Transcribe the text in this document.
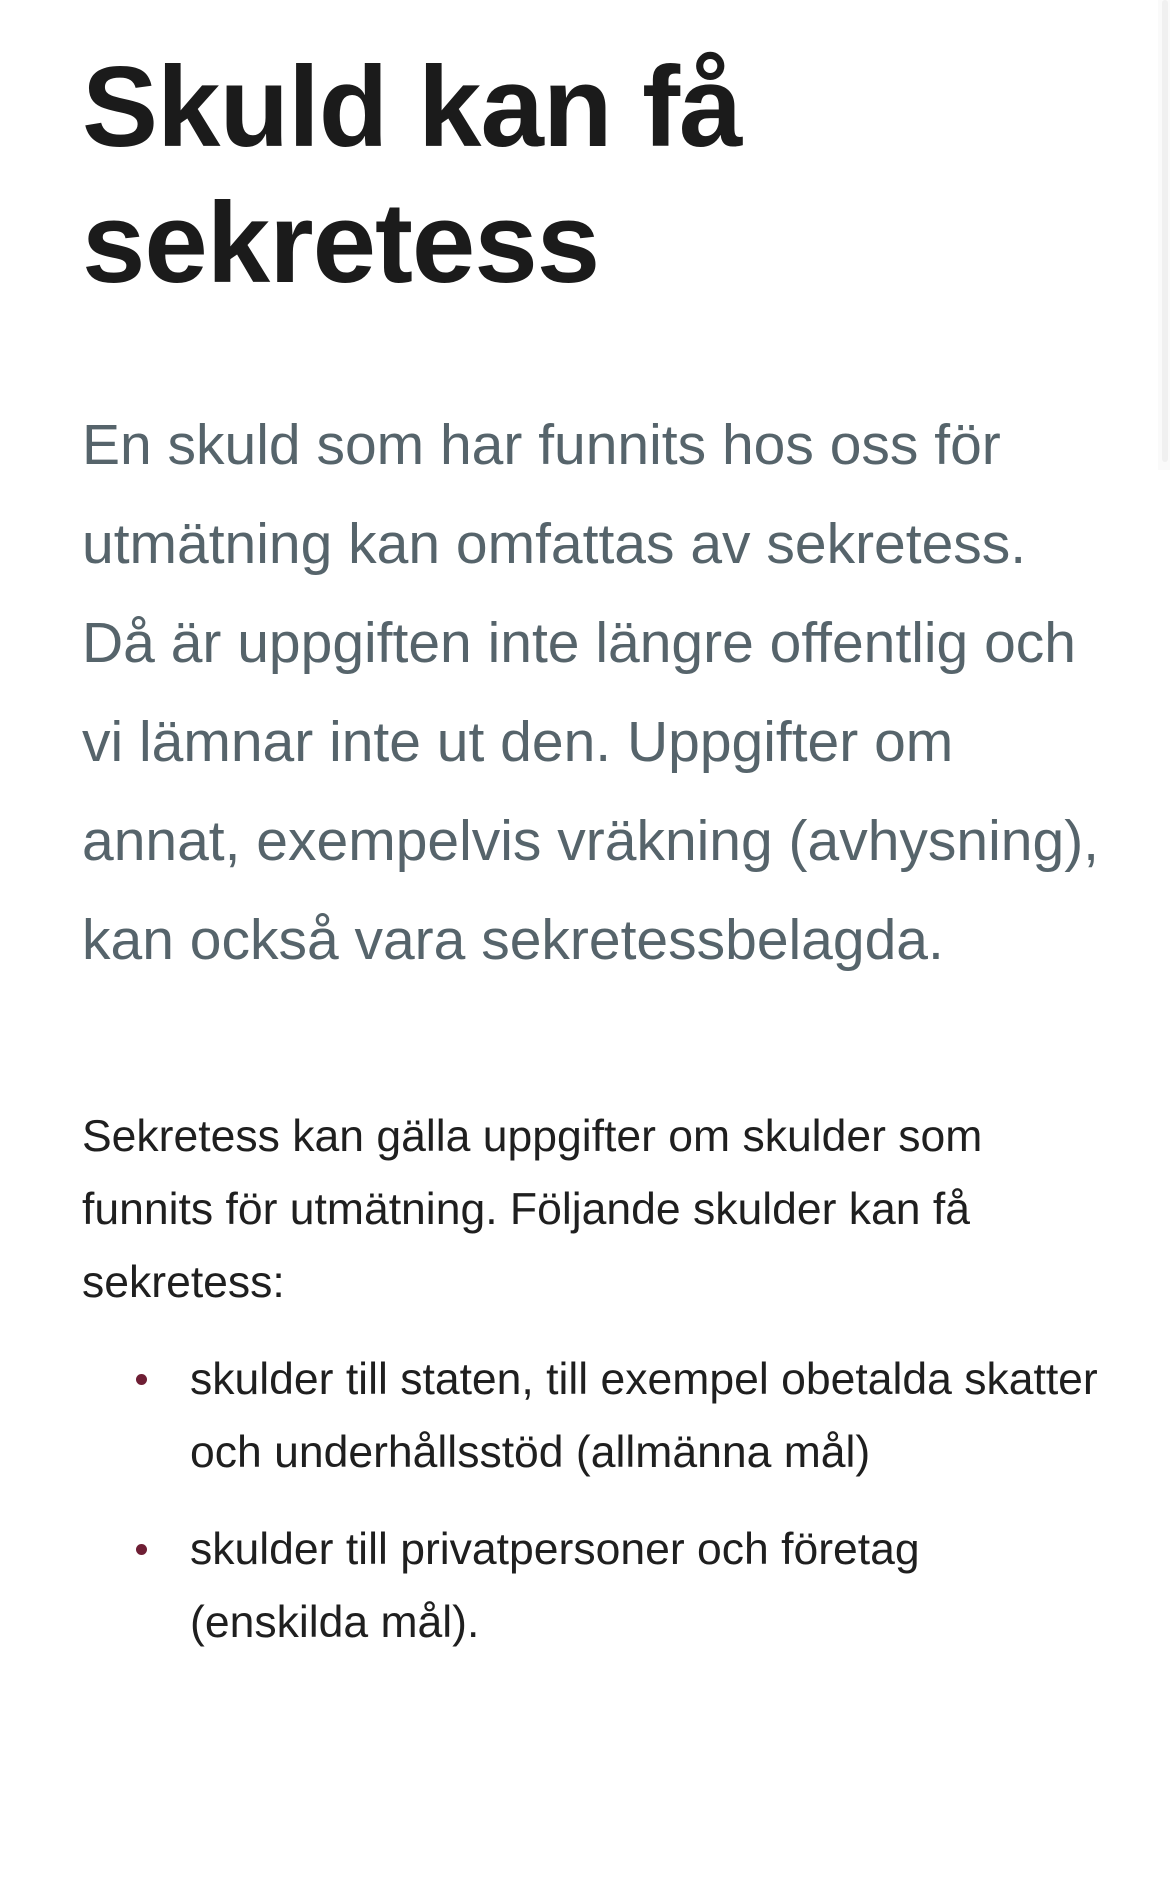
Skuld kan få sekretess

En skuld som har funnits hos oss för utmätning kan omfattas av sekretess. Då är uppgiften inte längre offentlig och vi lämnar inte ut den. Uppgifter om annat, exempelvis vräkning (avhysning), kan också vara sekretessbelagda.

Sekretess kan gälla uppgifter om skulder som funnits för utmätning. Följande skulder kan få sekretess:

skulder till staten, till exempel obetalda skatter och underhållsstöd (allmänna mål)
skulder till privatpersoner och företag (enskilda mål).
